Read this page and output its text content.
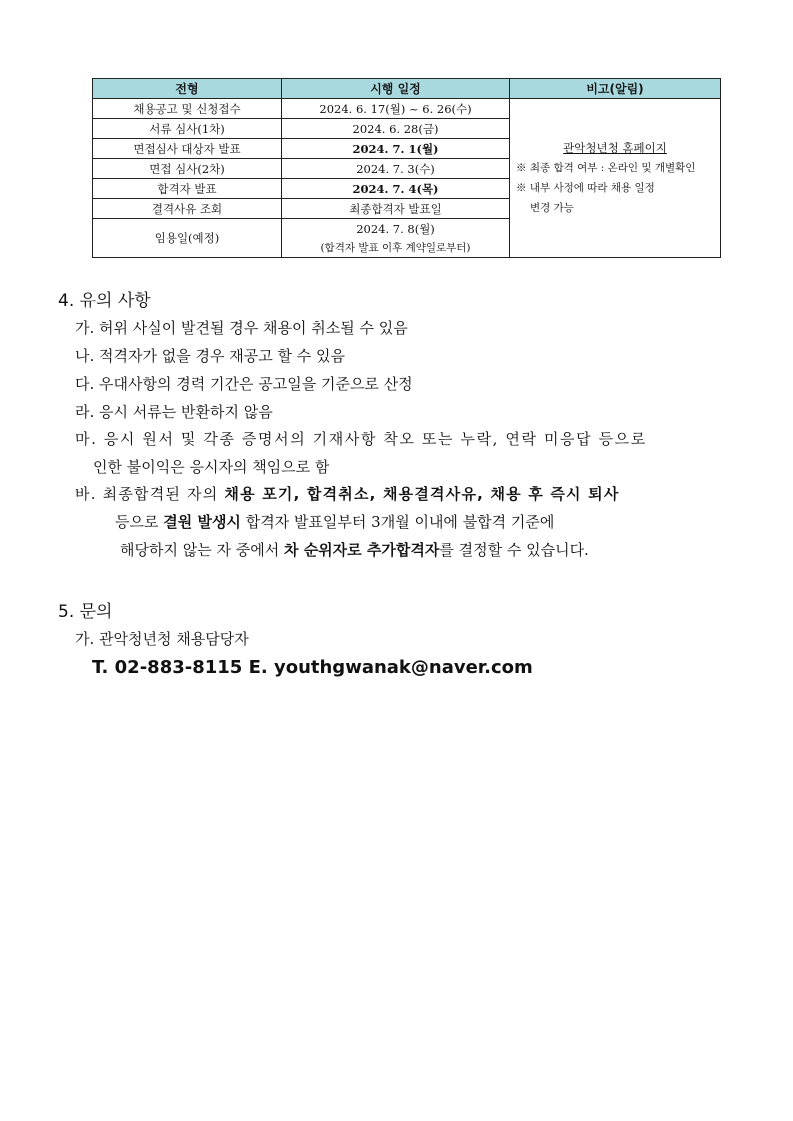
전형	시행 일정	비고(알림)
채용공고 및 신청접수	2024. 6. 17(월) ~ 6. 26(수)	관악청년청 홈페이지
※ 최종 합격 여부 : 온라인 및 개별확인
※ 내부 사정에 따라 채용 일정
변경 가능

서류 심사(1차)	2024. 6. 28(금)	
면접심사 대상자 발표	2024. 7. 1(월)	
면접 심사(2차)	2024. 7. 3(수)	
합격자 발표	2024. 7. 4(목)	
결격사유 조회	최종합격자 발표일	
임용일(예정)	2024. 7. 8(월)	
	(합격자 발표 이후 계약일로부터)	
4. 유의 사항
가. 허위 사실이 발견될 경우 채용이 취소될 수 있음
나. 적격자가 없을 경우 재공고 할 수 있음
다. 우대사항의 경력 기간은 공고일을 기준으로 산정
라. 응시 서류는 반환하지 않음
마. 응시 원서 및 각종 증명서의 기재사항 착오 또는 누락, 연락 미응답 등으로
인한 불이익은 응시자의 책임으로 함
바. 최종합격된 자의 채용 포기, 합격취소, 채용결격사유, 채용 후 즉시 퇴사
등으로 결원 발생시 합격자 발표일부터 3개월 이내에 불합격 기준에
해당하지 않는 자 중에서 차 순위자로 추가합격자를 결정할 수 있습니다.
5. 문의
가. 관악청년청 채용담당자
T. 02-883-8115 E. youthgwanak@naver.com
